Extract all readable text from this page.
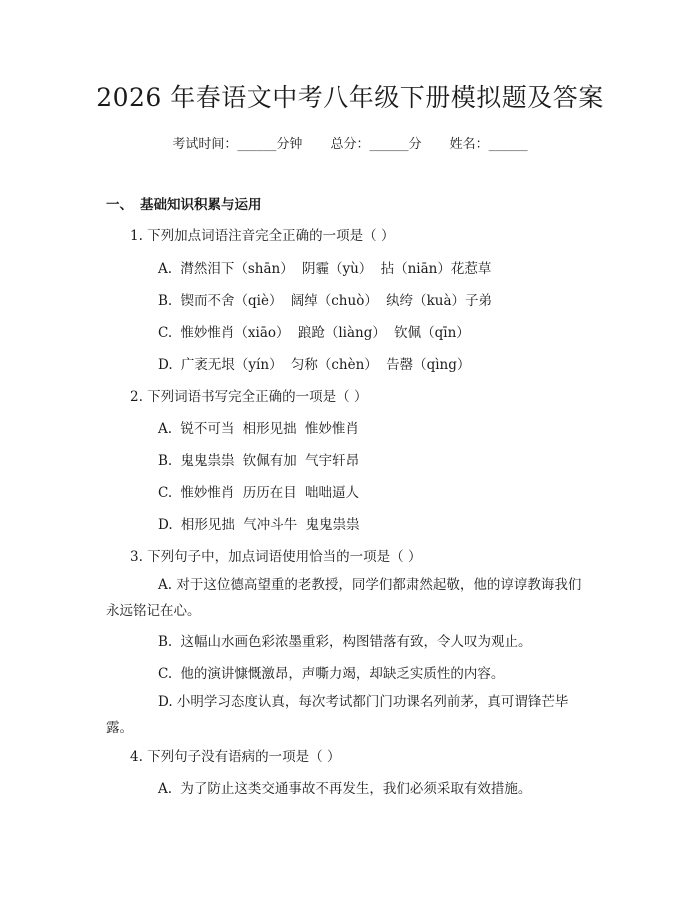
2026 年春语文中考八年级下册模拟题及答案
考试时间：______分钟 总分：______分 姓名：______
一、 基础知识积累与运用
1. 下列加点词语注音完全正确的一项是（ ）
A. 潸然泪下（shān） 阴霾（yù） 拈（niān）花惹草
B. 锲而不舍（qiè） 阔绰（chuò） 纨绔（kuà）子弟
C. 惟妙惟肖（xiāo） 踉跄（liàng） 钦佩（qīn）
D. 广袤无垠（yín） 匀称（chèn） 告罄（qìng）
2. 下列词语书写完全正确的一项是（ ）
A. 锐不可当 相形见拙 惟妙惟肖
B. 鬼鬼祟祟 钦佩有加 气宇轩昂
C. 惟妙惟肖 历历在目 咄咄逼人
D. 相形见拙 气冲斗牛 鬼鬼祟祟
3. 下列句子中，加点词语使用恰当的一项是（ ）
A. 对于这位德高望重的老教授，同学们都肃然起敬，他的谆谆教诲我们永远铭记在心。
B. 这幅山水画色彩浓墨重彩，构图错落有致，令人叹为观止。
C. 他的演讲慷慨激昂，声嘶力竭，却缺乏实质性的内容。
D. 小明学习态度认真，每次考试都门门功课名列前茅，真可谓锋芒毕露。
4. 下列句子没有语病的一项是（ ）
A. 为了防止这类交通事故不再发生，我们必须采取有效措施。
